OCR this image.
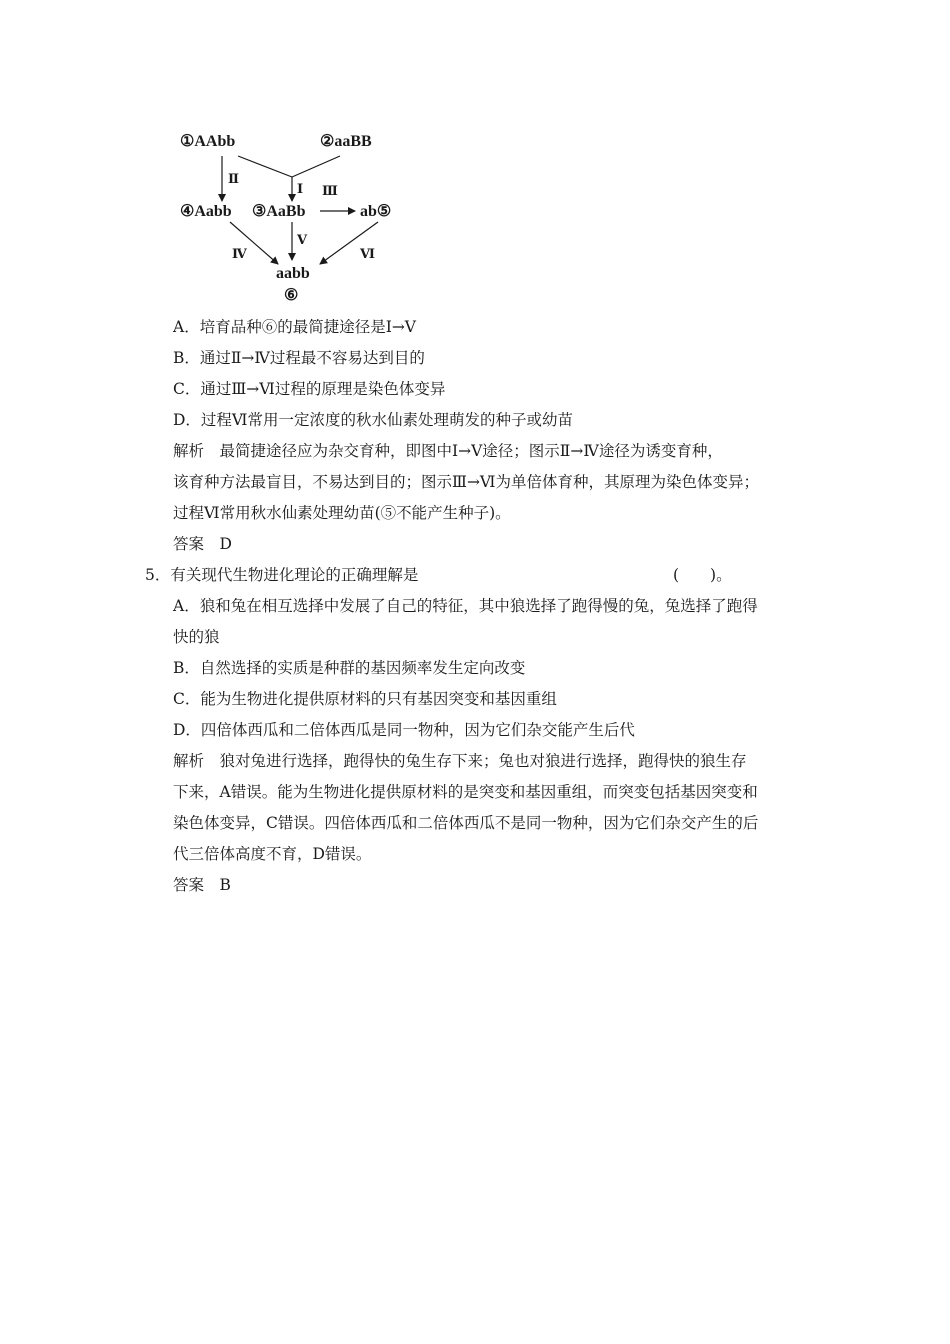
①AAbb	②aaBB
④Aabb ③AaBb	ab⑤
aabb
⑥
Ⅱ
Ⅰ Ⅲ
Ⅳ
Ⅴ
Ⅵ
A．培育品种⑥的最简捷途径是Ⅰ→Ⅴ
B．通过Ⅱ→Ⅳ过程最不容易达到目的
C．通过Ⅲ→Ⅵ过程的原理是染色体变异
D．过程Ⅵ常用一定浓度的秋水仙素处理萌发的种子或幼苗
解析　最简捷途径应为杂交育种，即图中Ⅰ→Ⅴ途径；图示Ⅱ→Ⅳ途径为诱变育种，
该育种方法最盲目，不易达到目的；图示Ⅲ→Ⅵ为单倍体育种，其原理为染色体变异；
过程Ⅵ常用秋水仙素处理幼苗(⑤不能产生种子)。
答案　D
5．有关现代生物进化理论的正确理解是	(　　)。
A．狼和兔在相互选择中发展了自己的特征，其中狼选择了跑得慢的兔，兔选择了跑得
快的狼
B．自然选择的实质是种群的基因频率发生定向改变
C．能为生物进化提供原材料的只有基因突变和基因重组
D．四倍体西瓜和二倍体西瓜是同一物种，因为它们杂交能产生后代
解析　狼对兔进行选择，跑得快的兔生存下来；兔也对狼进行选择，跑得快的狼生存
下来，A错误。能为生物进化提供原材料的是突变和基因重组，而突变包括基因突变和
染色体变异，C错误。四倍体西瓜和二倍体西瓜不是同一物种，因为它们杂交产生的后
代三倍体高度不育，D错误。
答案　B
